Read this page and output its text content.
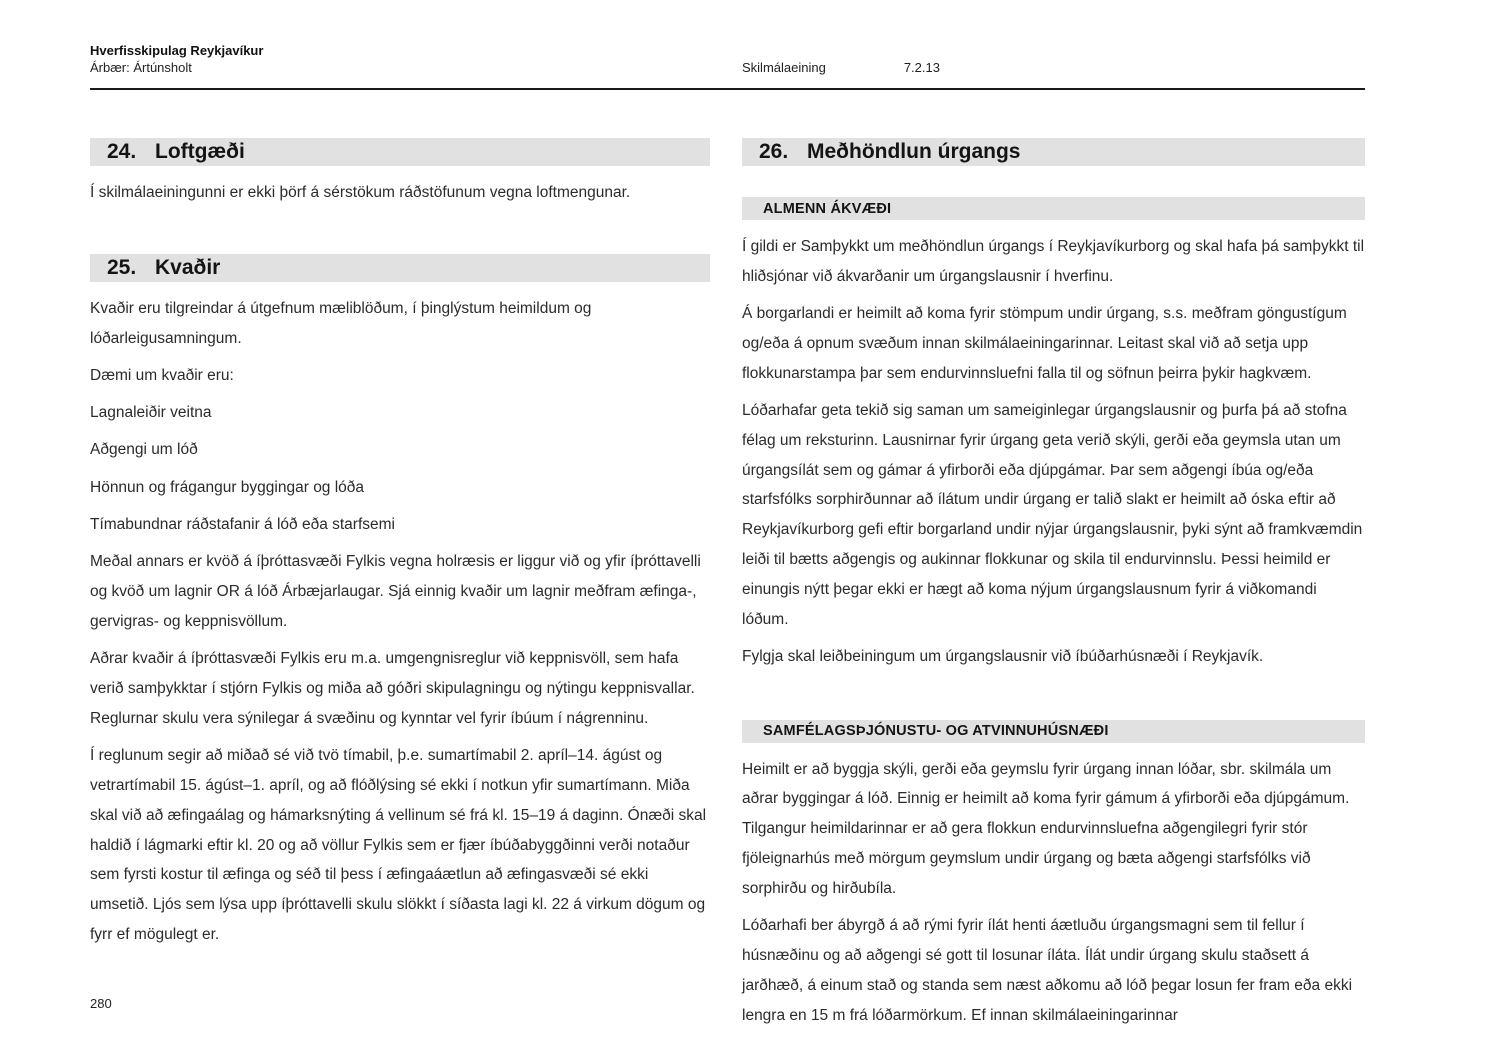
Hverfisskipulag Reykjavíkur
Árbær: Ártúnsholt	Skilmálaeining	7.2.13
24. Loftgæði

Í skilmálaeiningunni er ekki þörf á sérstökum ráðstöfunum vegna loftmengunar.

25. Kvaðir

Kvaðir eru tilgreindar á útgefnum mæliblöðum, í þinglýstum heimildum og lóðarleigusamningum.

Dæmi um kvaðir eru:

Lagnaleiðir veitna

Aðgengi um lóð

Hönnun og frágangur byggingar og lóða

Tímabundnar ráðstafanir á lóð eða starfsemi

Meðal annars er kvöð á íþróttasvæði Fylkis vegna holræsis er liggur við og yfir íþróttavelli og kvöð um lagnir OR á lóð Árbæjarlaugar. Sjá einnig kvaðir um lagnir meðfram æfinga-, gervigras- og keppnisvöllum.

Aðrar kvaðir á íþróttasvæði Fylkis eru m.a. umgengnisreglur við keppnisvöll, sem hafa verið samþykktar í stjórn Fylkis og miða að góðri skipulagningu og nýtingu keppnisvallar. Reglurnar skulu vera sýnilegar á svæðinu og kynntar vel fyrir íbúum í nágrenninu.

Í reglunum segir að miðað sé við tvö tímabil, þ.e. sumartímabil 2. apríl–14. ágúst og vetrartímabil 15. ágúst–1. apríl, og að flóðlýsing sé ekki í notkun yfir sumartímann. Miða skal við að æfingaálag og hámarksnýting á vellinum sé frá kl. 15–19 á daginn. Ónæði skal haldið í lágmarki eftir kl. 20 og að völlur Fylkis sem er fjær íbúðabyggðinni verði notaður sem fyrsti kostur til æfinga og séð til þess í æfingaáætlun að æfingasvæði sé ekki umsetið. Ljós sem lýsa upp íþróttavelli skulu slökkt í síðasta lagi kl. 22 á virkum dögum og fyrr ef mögulegt er.

26. Meðhöndlun úrgangs
ALMENN ÁKVÆÐI

Í gildi er Samþykkt um meðhöndlun úrgangs í Reykjavíkurborg og skal hafa þá samþykkt til hliðsjónar við ákvarðanir um úrgangslausnir í hverfinu.

Á borgarlandi er heimilt að koma fyrir stömpum undir úrgang, s.s. meðfram göngustígum og/eða á opnum svæðum innan skilmálaeiningarinnar. Leitast skal við að setja upp flokkunarstampa þar sem endurvinnsluefni falla til og söfnun þeirra þykir hagkvæm.

Lóðarhafar geta tekið sig saman um sameiginlegar úrgangslausnir og þurfa þá að stofna félag um reksturinn. Lausnirnar fyrir úrgang geta verið skýli, gerði eða geymsla utan um úrgangsílát sem og gámar á yfirborði eða djúpgámar. Þar sem aðgengi íbúa og/eða starfsfólks sorphirðunnar að ílátum undir úrgang er talið slakt er heimilt að óska eftir að Reykjavíkurborg gefi eftir borgarland undir nýjar úrgangslausnir, þyki sýnt að framkvæmdin leiði til bætts aðgengis og aukinnar flokkunar og skila til endurvinnslu. Þessi heimild er einungis nýtt þegar ekki er hægt að koma nýjum úrgangslausnum fyrir á viðkomandi lóðum.

Fylgja skal leiðbeiningum um úrgangslausnir við íbúðarhúsnæði í Reykjavík.

SAMFÉLAGSÞJÓNUSTU- OG ATVINNUHÚSNÆÐI

Heimilt er að byggja skýli, gerði eða geymslu fyrir úrgang innan lóðar, sbr. skilmála um aðrar byggingar á lóð. Einnig er heimilt að koma fyrir gámum á yfirborði eða djúpgámum. Tilgangur heimildarinnar er að gera flokkun endurvinnsluefna aðgengilegri fyrir stór fjöleignarhús með mörgum geymslum undir úrgang og bæta aðgengi starfsfólks við sorphirðu og hirðubíla.

Lóðarhafi ber ábyrgð á að rými fyrir ílát henti áætluðu úrgangsmagni sem til fellur í húsnæðinu og að aðgengi sé gott til losunar íláta. Ílát undir úrgang skulu staðsett á jarðhæð, á einum stað og standa sem næst aðkomu að lóð þegar losun fer fram eða ekki lengra en 15 m frá lóðarmörkum. Ef innan skilmálaeiningarinnar

280
